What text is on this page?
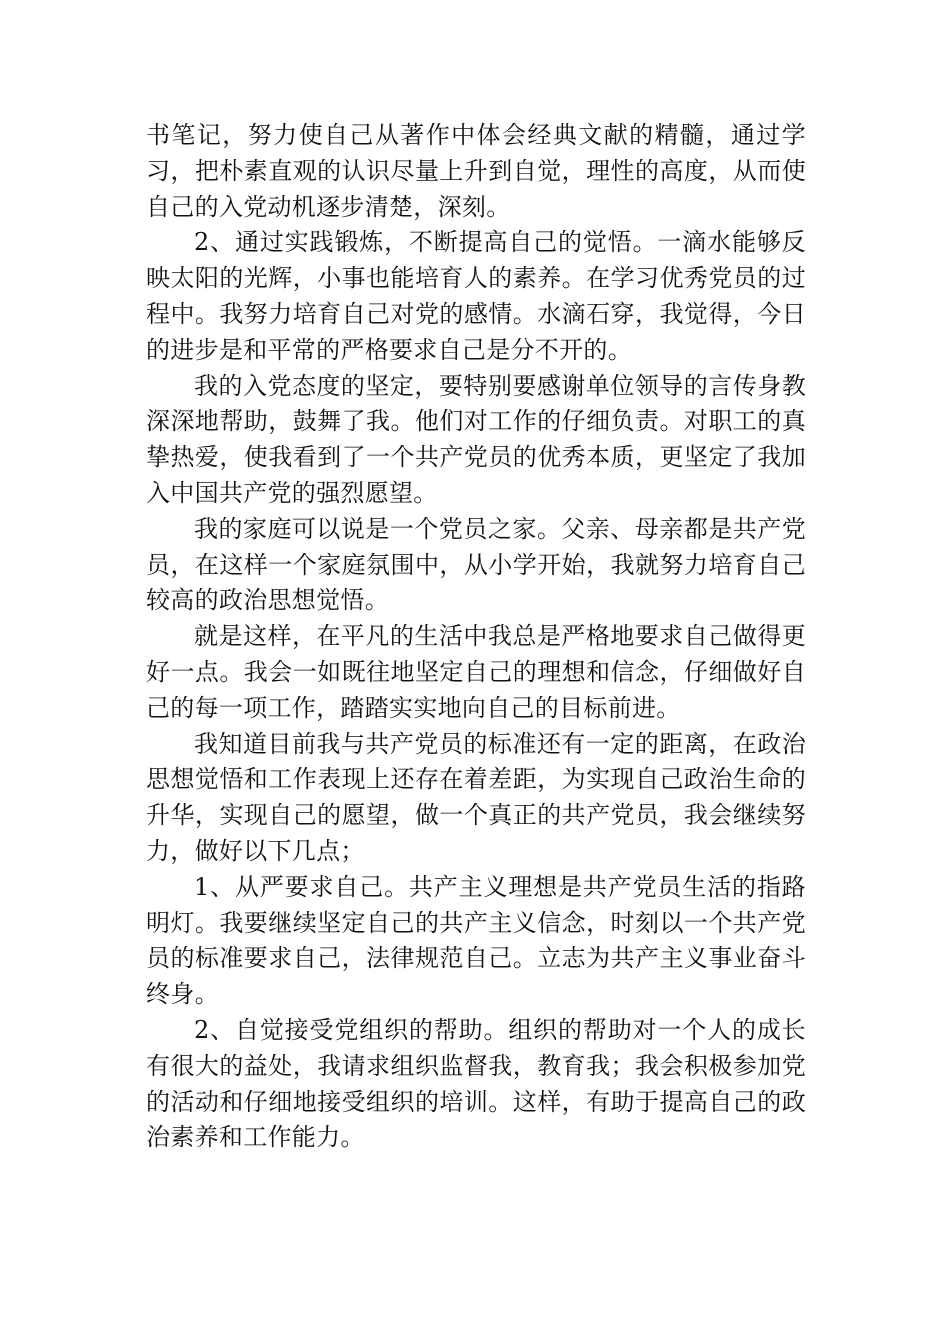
书笔记，努力使自己从著作中体会经典文献的精髓，通过学习，把朴素直观的认识尽量上升到自觉，理性的高度，从而使自己的入党动机逐步清楚，深刻。

2、通过实践锻炼，不断提高自己的觉悟。一滴水能够反映太阳的光辉，小事也能培育人的素养。在学习优秀党员的过程中。我努力培育自己对党的感情。水滴石穿，我觉得，今日的进步是和平常的严格要求自己是分不开的。

我的入党态度的坚定，要特别要感谢单位领导的言传身教深深地帮助，鼓舞了我。他们对工作的仔细负责。对职工的真挚热爱，使我看到了一个共产党员的优秀本质，更坚定了我加入中国共产党的强烈愿望。

我的家庭可以说是一个党员之家。父亲、母亲都是共产党员，在这样一个家庭氛围中，从小学开始，我就努力培育自己较高的政治思想觉悟。

就是这样，在平凡的生活中我总是严格地要求自己做得更好一点。我会一如既往地坚定自己的理想和信念，仔细做好自己的每一项工作，踏踏实实地向自己的目标前进。

我知道目前我与共产党员的标准还有一定的距离，在政治思想觉悟和工作表现上还存在着差距，为实现自己政治生命的升华，实现自己的愿望，做一个真正的共产党员，我会继续努力，做好以下几点；

1、从严要求自己。共产主义理想是共产党员生活的指路明灯。我要继续坚定自己的共产主义信念，时刻以一个共产党员的标准要求自己，法律规范自己。立志为共产主义事业奋斗终身。

2、自觉接受党组织的帮助。组织的帮助对一个人的成长有很大的益处，我请求组织监督我，教育我；我会积极参加党的活动和仔细地接受组织的培训。这样，有助于提高自己的政治素养和工作能力。
